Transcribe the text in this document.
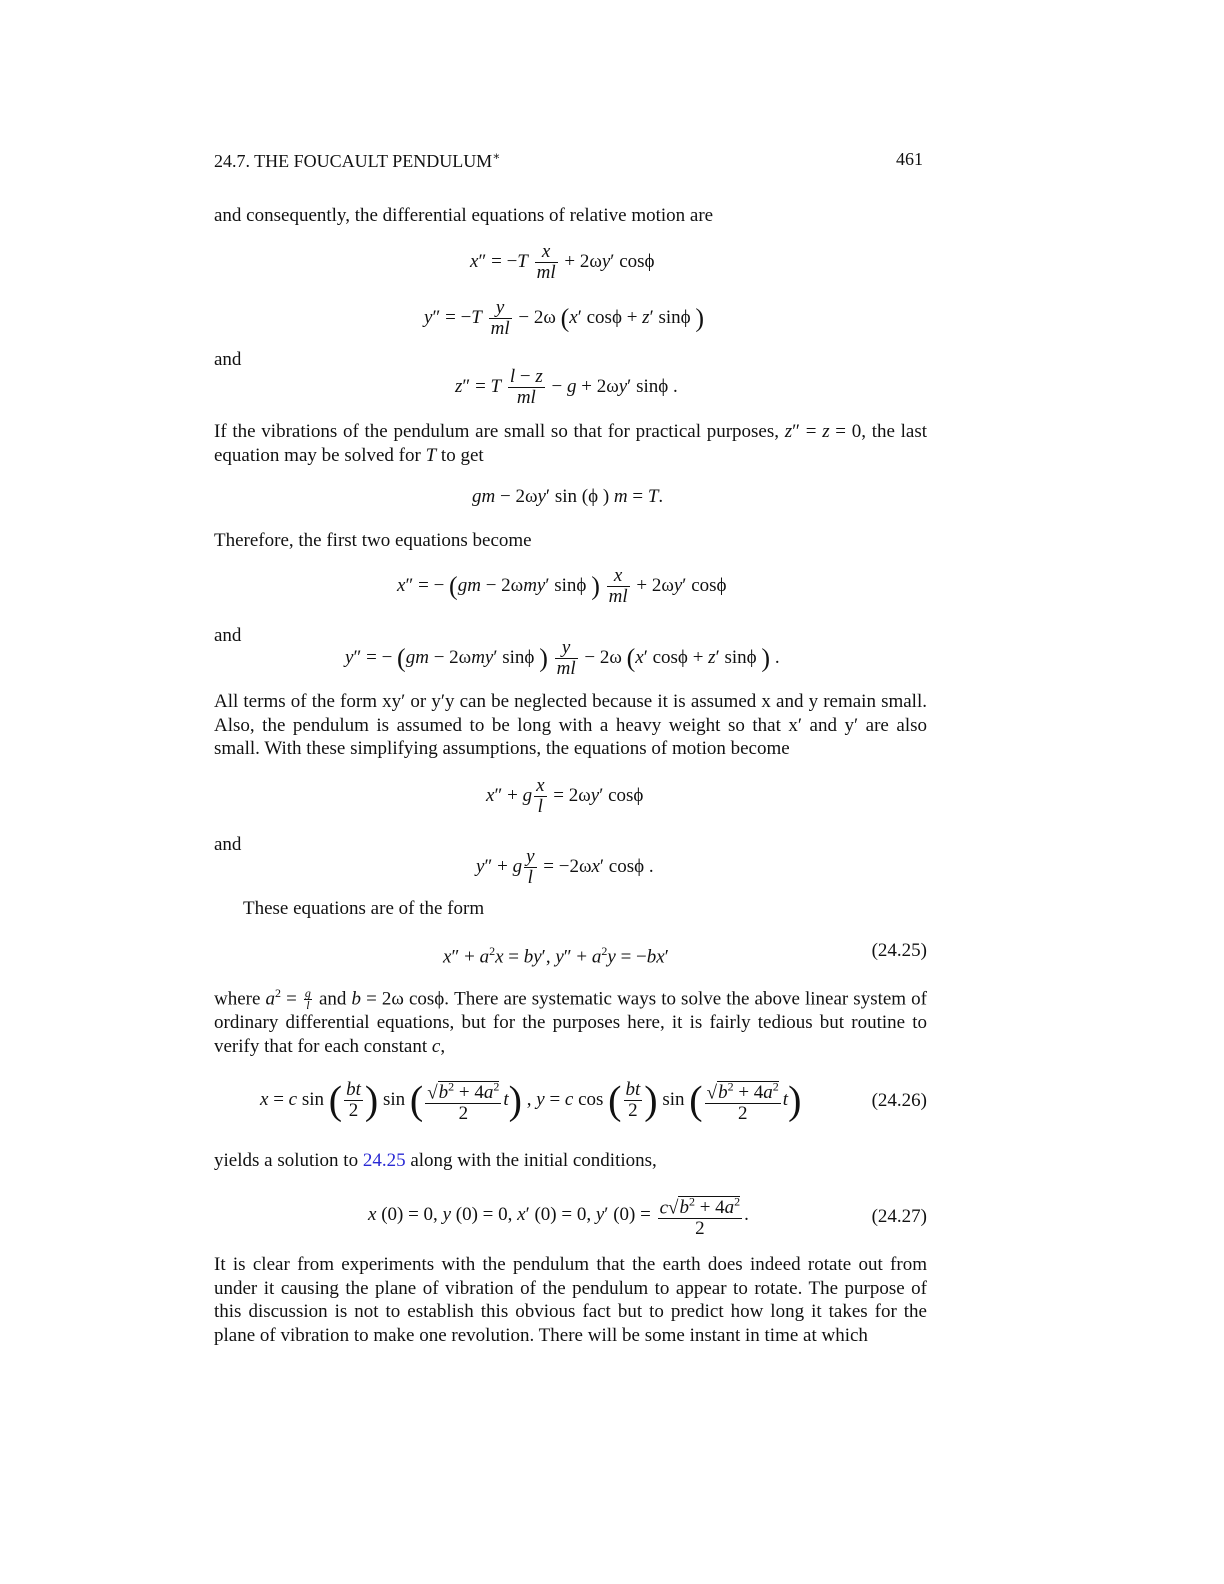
24.7. THE FOUCAULT PENDULUM∗	461
and consequently, the differential equations of relative motion are
$x'' = -T \frac{x}{ml} + 2\omega y'$ cosϕ
$y'' = -T \frac{y}{ml} - 2\omega$ (x′ cosϕ + z′ sinϕ )
and
z″ = T $\frac{l - z}{ml} - g + 2\omega y'$ sinϕ .
If the vibrations of the pendulum are small so that for practical purposes, z″ = z = 0, the last equation may be solved for T to get
gm − 2ωy′ sin (ϕ ) m = T.
Therefore, the first two equations become
x″ = − (gm − 2ωmy′ sinϕ ) $\frac{x}{ml} + 2\omega y'$ cosϕ
and
y″ = − (gm − 2ωmy′ sinϕ ) $\frac{y}{ml} - 2\omega$ (x′ cosϕ + z′ sinϕ ) .
All terms of the form xy′ or y′y can be neglected because it is assumed x and y remain small. Also, the pendulum is assumed to be long with a heavy weight so that x′ and y′ are also small. With these simplifying assumptions, the equations of motion become
x″ + g $\frac{x}{l} = 2\omega y'$ cosϕ
and
y″ + g $\frac{y}{l} = -2\omega x'$ cosϕ .
These equations are of the form
$x'' + a^2x = by'$, $y'' + a^2y = -bx'$	(24.25)
where $a^2 = \frac{g}{l}$ and b = 2ω cosϕ. There are systematic ways to solve the above linear system of ordinary differential equations, but for the purposes here, it is fairly tedious but routine to verify that for each constant c,
x = c sin ( $\frac{bt}{2}$ ) sin ( $\frac{√b^2 + 4a^2}{2} t$) , y = c cos ( $\frac{bt}{2}$ ) sin ( $\frac{√b^2 + 4a^2}{2} t$)	(24.26)
yields a solution to 24.25 along with the initial conditions,
x (0) = 0, y (0) = 0, x′ (0) = 0, y′ $(0) = \frac{c√b^2 + 4a^2}{2}$ .	(24.27)
It is clear from experiments with the pendulum that the earth does indeed rotate out from under it causing the plane of vibration of the pendulum to appear to rotate. The purpose of this discussion is not to establish this obvious fact but to predict how long it takes for the plane of vibration to make one revolution. There will be some instant in time at which
